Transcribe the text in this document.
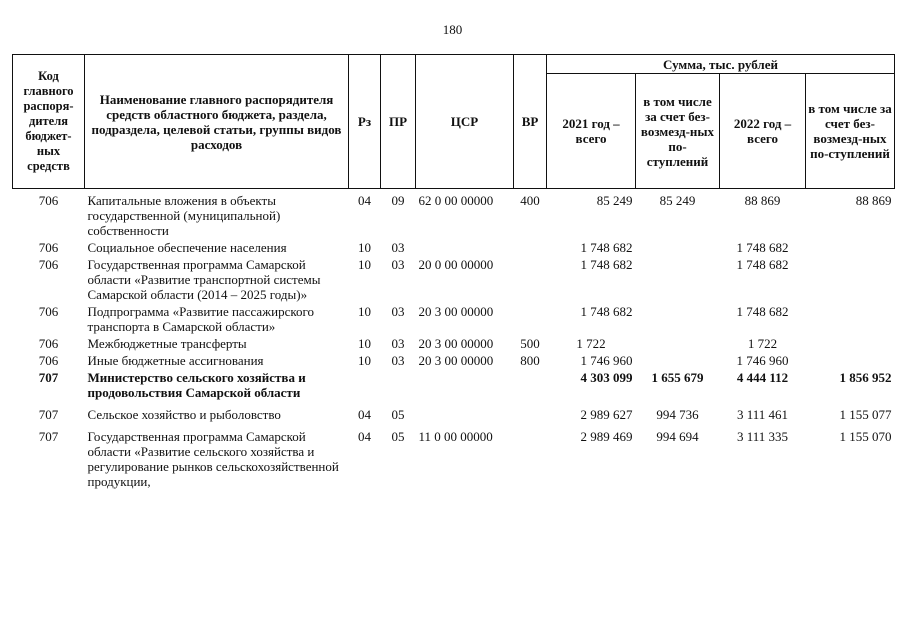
180
Код главного распоря-дителя бюджет-ных средств	Наименование главного распорядителя средств областного бюджета, раздела, подраздела, целевой статьи, группы видов расходов	Рз	ПР	ЦСР	ВР	Сумма, тыс. рублей			
						2021 год – всего	в том числе за счет без-возмезд-ных по-ступлений	2022 год – всего	в том числе за счет без-возмезд-ных по-ступлений
706	Капитальные вложения в объекты государственной (муниципальной) собственности	04	09	62 0 00 00000	400	85 249	85 249	88 869	88 869
706	Социальное обеспечение населения	10	03			1 748 682		1 748 682	
706	Государственная программа Самарской области «Развитие транспортной системы Самарской области (2014 – 2025 годы)»	10	03	20 0 00 00000		1 748 682		1 748 682	
706	Подпрограмма «Развитие пассажирского транспорта в Самарской области»	10	03	20 3 00 00000		1 748 682		1 748 682	
706	Межбюджетные трансферты	10	03	20 3 00 00000	500	1 722		1 722	
706	Иные бюджетные ассигнования	10	03	20 3 00 00000	800	1 746 960		1 746 960	
707	Министерство сельского хозяйства и продовольствия Самарской области					4 303 099	1 655 679	4 444 112	1 856 952
707	Сельское хозяйство и рыболовство	04	05			2 989 627	994 736	3 111 461	1 155 077
707	Государственная программа Самарской области «Развитие сельского хозяйства и регулирование рынков сельскохозяйственной продукции,	04	05	11 0 00 00000		2 989 469	994 694	3 111 335	1 155 070
